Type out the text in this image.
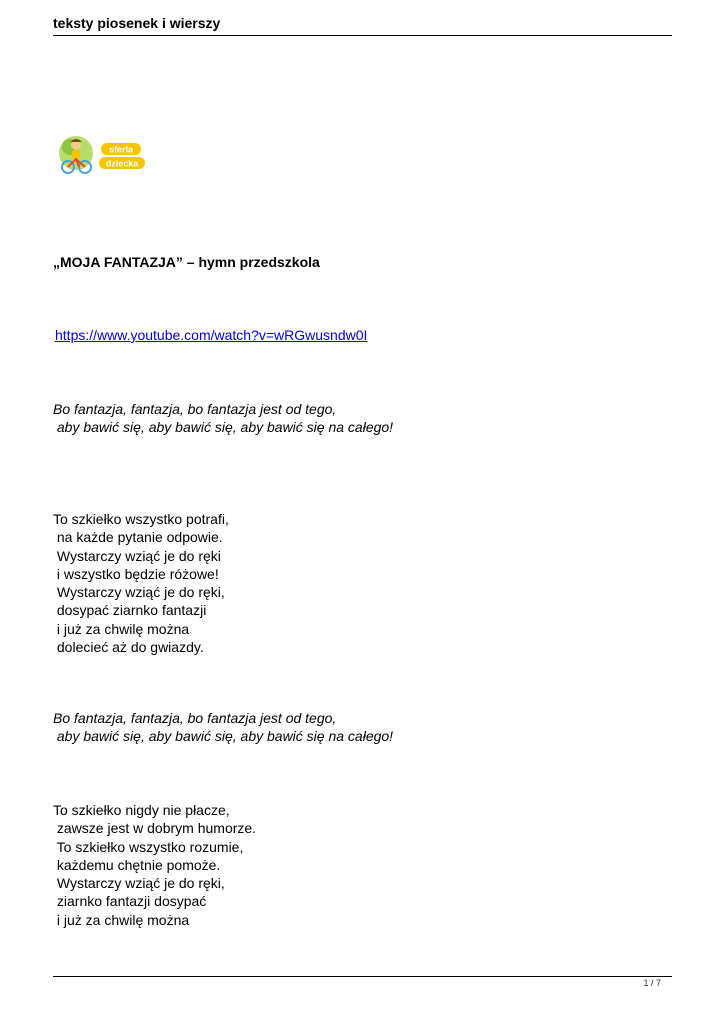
teksty piosenek i wierszy
sferla
dziecka
„MOJA FANTAZJA” – hymn przedszkola
https://www.youtube.com/watch?v=wRGwusndw0I
Bo fantazja, fantazja, bo fantazja jest od tego,
aby bawić się, aby bawić się, aby bawić się na całego!
To szkiełko wszystko potrafi,
na każde pytanie odpowie.
Wystarczy wziąć je do ręki
i wszystko będzie różowe!
Wystarczy wziąć je do ręki,
dosypać ziarnko fantazji
i już za chwilę można
dolecieć aż do gwiazdy.
Bo fantazja, fantazja, bo fantazja jest od tego,
aby bawić się, aby bawić się, aby bawić się na całego!
To szkiełko nigdy nie płacze,
zawsze jest w dobrym humorze.
To szkiełko wszystko rozumie,
każdemu chętnie pomoże.
Wystarczy wziąć je do ręki,
ziarnko fantazji dosypać
i już za chwilę można
1 / 7
